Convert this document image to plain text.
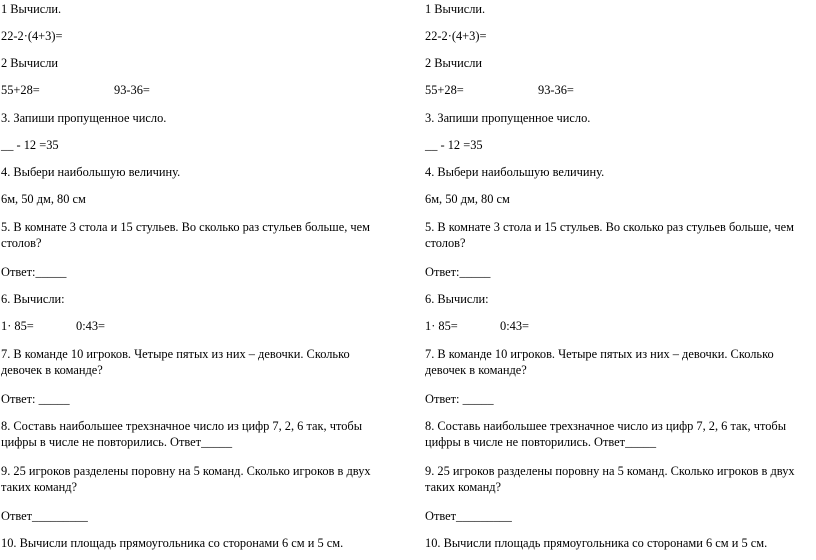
1 Вычисли.
22-2·(4+3)=
2 Вычисли
55+28=	93-36=
3. Запиши пропущенное число.
__ - 12 =35
4. Выбери наибольшую величину.
6м, 50 дм, 80 см
5. В комнате 3 стола и 15 стульев. Во сколько раз стульев больше, чем столов?
Ответ:_____
6. Вычисли:
1· 85=	0:43=
7. В команде 10 игроков. Четыре пятых из них – девочки. Сколько девочек в команде?
Ответ: _____
8. Составь наибольшее трехзначное число из цифр 7, 2, 6 так, чтобы цифры в числе не повторились. Ответ_____
9. 25 игроков разделены поровну на 5 команд. Сколько игроков в двух таких команд?
Ответ_________
10. Вычисли площадь прямоугольника со сторонами 6 см и 5 см.
1 Вычисли.
22-2·(4+3)=
2 Вычисли
55+28=	93-36=
3. Запиши пропущенное число.
__ - 12 =35
4. Выбери наибольшую величину.
6м, 50 дм, 80 см
5. В комнате 3 стола и 15 стульев. Во сколько раз стульев больше, чем столов?
Ответ:_____
6. Вычисли:
1· 85=	0:43=
7. В команде 10 игроков. Четыре пятых из них – девочки. Сколько девочек в команде?
Ответ: _____
8. Составь наибольшее трехзначное число из цифр 7, 2, 6 так, чтобы цифры в числе не повторились. Ответ_____
9. 25 игроков разделены поровну на 5 команд. Сколько игроков в двух таких команд?
Ответ_________
10. Вычисли площадь прямоугольника со сторонами 6 см и 5 см.
